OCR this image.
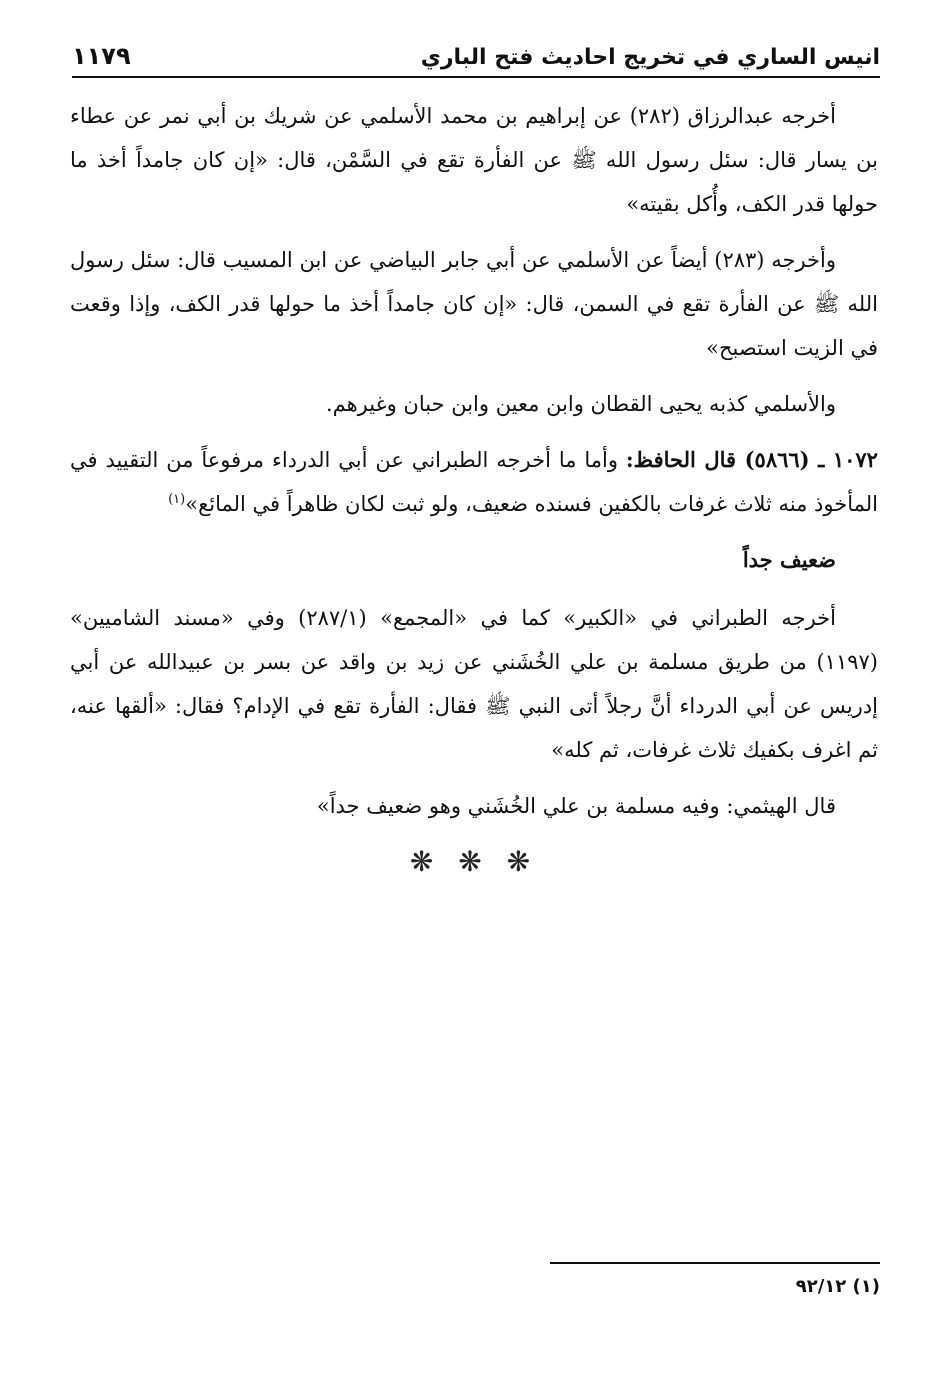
انيس الساري في تخريج احاديث فتح الباري
١١٧٩

أخرجه عبدالرزاق (٢٨٢) عن إبراهيم بن محمد الأسلمي عن شريك بن أبي نمر عن عطاء بن يسار قال: سئل رسول الله ﷺ عن الفأرة تقع في السَّمْن، قال: «إن كان جامداً أخذ ما حولها قدر الكف، وأُكل بقيته»

وأخرجه (٢٨٣) أيضاً عن الأسلمي عن أبي جابر البياضي عن ابن المسيب قال: سئل رسول الله ﷺ عن الفأرة تقع في السمن، قال: «إن كان جامداً أخذ ما حولها قدر الكف، وإذا وقعت في الزيت استصبح»

والأسلمي كذبه يحيى القطان وابن معين وابن حبان وغيرهم.

١٠٧٢ ـ (٥٨٦٦) قال الحافظ: وأما ما أخرجه الطبراني عن أبي الدرداء مرفوعاً من التقييد في المأخوذ منه ثلاث غرفات بالكفين فسنده ضعيف، ولو ثبت لكان ظاهراً في المائع»$^{(١)}$

ضعيف جداً

أخرجه الطبراني في «الكبير» كما في «المجمع» (٢٨٧/١) وفي «مسند الشاميين» (١١٩٧) من طريق مسلمة بن علي الخُشَني عن زيد بن واقد عن بسر بن عبيدالله عن أبي إدريس عن أبي الدرداء أنَّ رجلاً أتى النبي ﷺ فقال: الفأرة تقع في الإدام؟ فقال: «ألقها عنه، ثم اغرف بكفيك ثلاث غرفات، ثم كله»

قال الهيثمي: وفيه مسلمة بن علي الخُشَني وهو ضعيف جداً»

❋ ❋ ❋
(١) ٩٢/١٢
